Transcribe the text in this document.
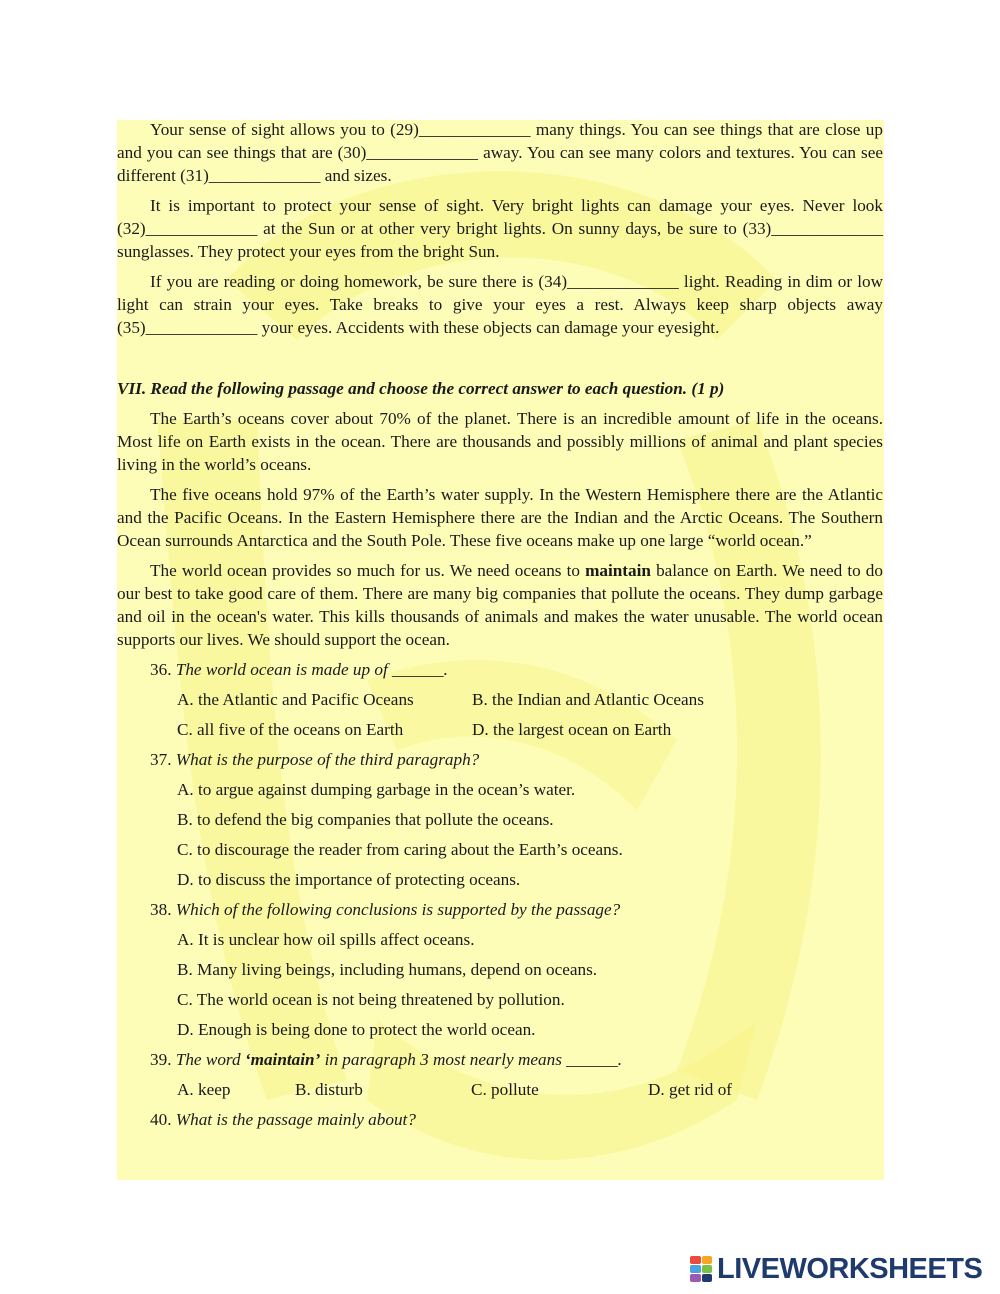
Your sense of sight allows you to (29)_____________ many things. You can see things that are close up and you can see things that are (30)_____________ away. You can see many colors and textures. You can see different (31)_____________ and sizes.

It is important to protect your sense of sight. Very bright lights can damage your eyes. Never look (32)_____________ at the Sun or at other very bright lights. On sunny days, be sure to (33)_____________ sunglasses. They protect your eyes from the bright Sun.

If you are reading or doing homework, be sure there is (34)_____________ light. Reading in dim or low light can strain your eyes. Take breaks to give your eyes a rest. Always keep sharp objects away (35)_____________ your eyes. Accidents with these objects can damage your eyesight.

VII. Read the following passage and choose the correct answer to each question. (1 p)

The Earth’s oceans cover about 70% of the planet. There is an incredible amount of life in the oceans. Most life on Earth exists in the ocean. There are thousands and possibly millions of animal and plant species living in the world’s oceans.

The five oceans hold 97% of the Earth’s water supply. In the Western Hemisphere there are the Atlantic and the Pacific Oceans. In the Eastern Hemisphere there are the Indian and the Arctic Oceans. The Southern Ocean surrounds Antarctica and the South Pole. These five oceans make up one large “world ocean.”

The world ocean provides so much for us. We need oceans to maintain balance on Earth. We need to do our best to take good care of them. There are many big companies that pollute the oceans. They dump garbage and oil in the ocean's water. This kills thousands of animals and makes the water unusable. The world ocean supports our lives. We should support the ocean.

36. The world ocean is made up of ______.
A. the Atlantic and Pacific Oceans	B. the Indian and Atlantic Oceans
C. all five of the oceans on Earth	D. the largest ocean on Earth
37. What is the purpose of the third paragraph?
A. to argue against dumping garbage in the ocean’s water.
B. to defend the big companies that pollute the oceans.
C. to discourage the reader from caring about the Earth’s oceans.
D. to discuss the importance of protecting oceans.
38. Which of the following conclusions is supported by the passage?
A. It is unclear how oil spills affect oceans.
B. Many living beings, including humans, depend on oceans.
C. The world ocean is not being threatened by pollution.
D. Enough is being done to protect the world ocean.
39. The word ‘maintain’ in paragraph 3 most nearly means ______.
A. keep	B. disturb	C. pollute	D. get rid of
40. What is the passage mainly about?
LIVEWORKSHEETS
